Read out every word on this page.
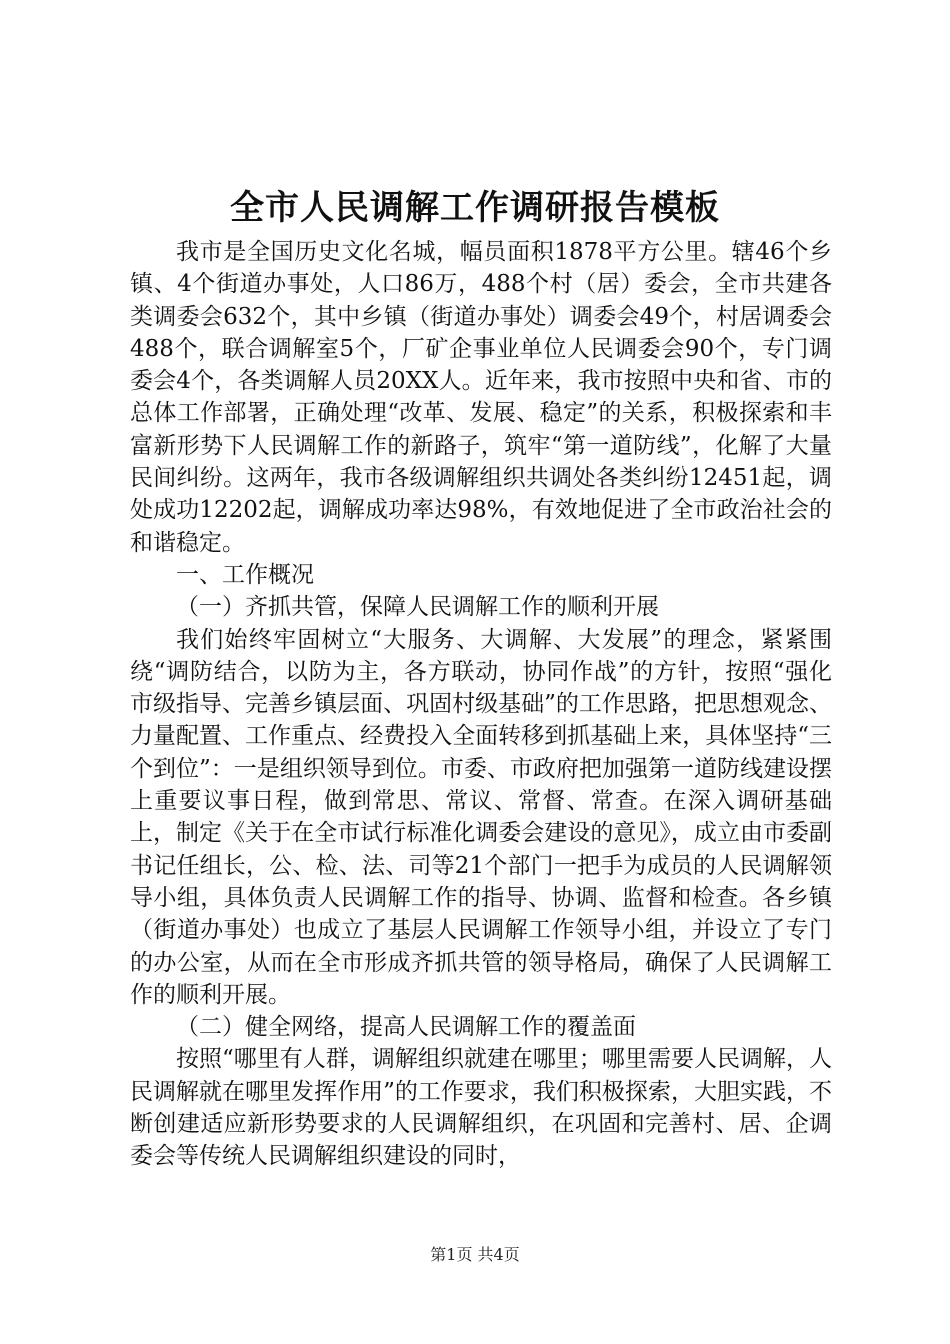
全市人民调解工作调研报告模板

我市是全国历史文化名城，幅员面积1878平方公里。辖46个乡镇、4个街道办事处，人口86万，488个村（居）委会，全市共建各类调委会632个，其中乡镇（街道办事处）调委会49个，村居调委会488个，联合调解室5个，厂矿企事业单位人民调委会90个，专门调委会4个，各类调解人员20XX人。近年来，我市按照中央和省、市的总体工作部署，正确处理“改革、发展、稳定”的关系，积极探索和丰富新形势下人民调解工作的新路子，筑牢“第一道防线”，化解了大量民间纠纷。这两年，我市各级调解组织共调处各类纠纷12451起，调处成功12202起，调解成功率达98%，有效地促进了全市政治社会的和谐稳定。

一、工作概况

（一）齐抓共管，保障人民调解工作的顺利开展

我们始终牢固树立“大服务、大调解、大发展”的理念，紧紧围绕“调防结合，以防为主，各方联动，协同作战”的方针，按照“强化市级指导、完善乡镇层面、巩固村级基础”的工作思路，把思想观念、力量配置、工作重点、经费投入全面转移到抓基础上来，具体坚持“三个到位”：一是组织领导到位。市委、市政府把加强第一道防线建设摆上重要议事日程，做到常思、常议、常督、常查。在深入调研基础上，制定《关于在全市试行标准化调委会建设的意见》，成立由市委副书记任组长，公、检、法、司等21个部门一把手为成员的人民调解领导小组，具体负责人民调解工作的指导、协调、监督和检查。各乡镇（街道办事处）也成立了基层人民调解工作领导小组，并设立了专门的办公室，从而在全市形成齐抓共管的领导格局，确保了人民调解工作的顺利开展。

（二）健全网络，提高人民调解工作的覆盖面

按照“哪里有人群，调解组织就建在哪里；哪里需要人民调解，人民调解就在哪里发挥作用”的工作要求，我们积极探索，大胆实践，不断创建适应新形势要求的人民调解组织，在巩固和完善村、居、企调委会等传统人民调解组织建设的同时，

第1页 共4页
